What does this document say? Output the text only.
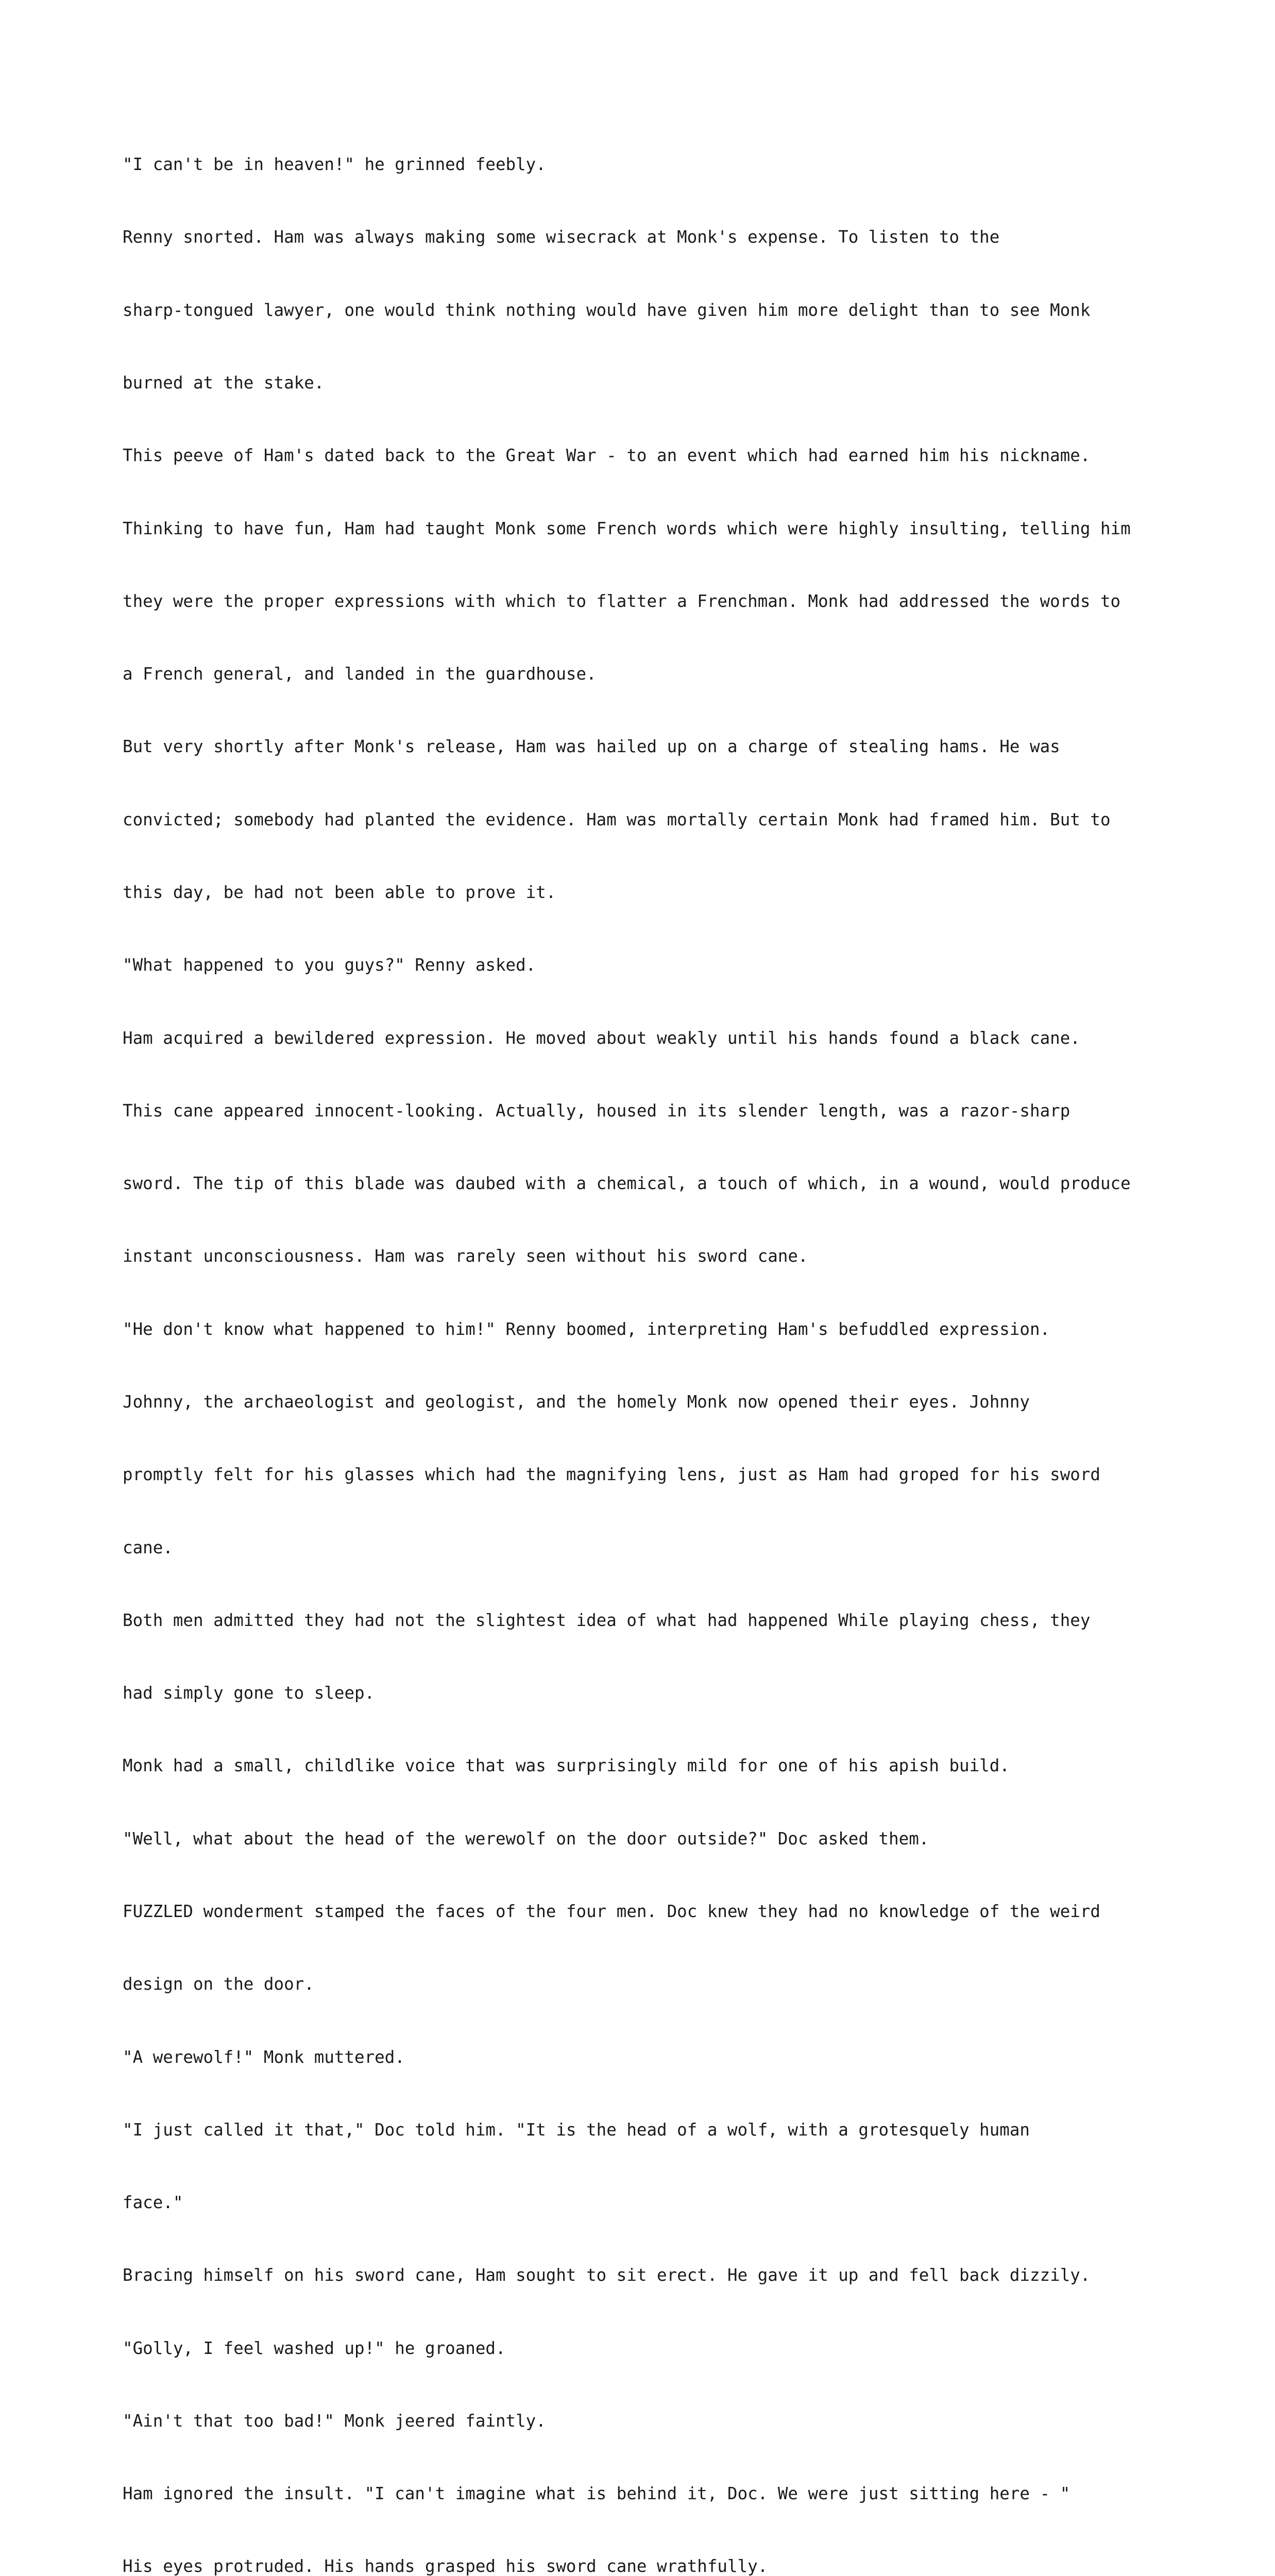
"I can't be in heaven!" he grinned feebly.

Renny snorted. Ham was always making some wisecrack at Monk's expense. To listen to the

sharp-tongued lawyer, one would think nothing would have given him more delight than to see Monk

burned at the stake.

This peeve of Ham's dated back to the Great War - to an event which had earned him his nickname.

Thinking to have fun, Ham had taught Monk some French words which were highly insulting, telling him

they were the proper expressions with which to flatter a Frenchman. Monk had addressed the words to

a French general, and landed in the guardhouse.

But very shortly after Monk's release, Ham was hailed up on a charge of stealing hams. He was

convicted; somebody had planted the evidence. Ham was mortally certain Monk had framed him. But to

this day, be had not been able to prove it.

"What happened to you guys?" Renny asked.

Ham acquired a bewildered expression. He moved about weakly until his hands found a black cane.

This cane appeared innocent-looking. Actually, housed in its slender length, was a razor-sharp

sword. The tip of this blade was daubed with a chemical, a touch of which, in a wound, would produce

instant unconsciousness. Ham was rarely seen without his sword cane.

"He don't know what happened to him!" Renny boomed, interpreting Ham's befuddled expression.

Johnny, the archaeologist and geologist, and the homely Monk now opened their eyes. Johnny

promptly felt for his glasses which had the magnifying lens, just as Ham had groped for his sword

cane.

Both men admitted they had not the slightest idea of what had happened While playing chess, they

had simply gone to sleep.

Monk had a small, childlike voice that was surprisingly mild for one of his apish build.

"Well, what about the head of the werewolf on the door outside?" Doc asked them.

FUZZLED wonderment stamped the faces of the four men. Doc knew they had no knowledge of the weird

design on the door.

"A werewolf!" Monk muttered.

"I just called it that," Doc told him. "It is the head of a wolf, with a grotesquely human

face."

Bracing himself on his sword cane, Ham sought to sit erect. He gave it up and fell back dizzily.

"Golly, I feel washed up!" he groaned.

"Ain't that too bad!" Monk jeered faintly.

Ham ignored the insult. "I can't imagine what is behind it, Doc. We were just sitting here - "

His eyes protruded. His hands grasped his sword cane wrathfully.
